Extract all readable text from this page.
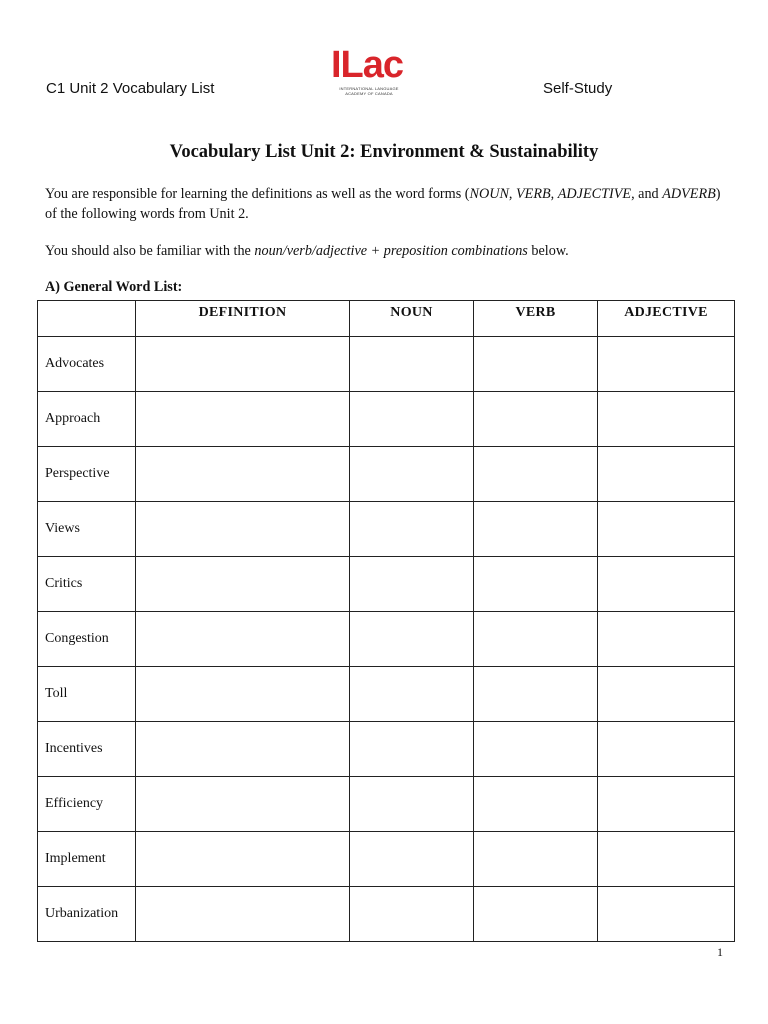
C1 Unit 2 Vocabulary List
ILac
INTERNATIONAL LANGUAGE ACADEMY OF CANADA	Self-Study
Vocabulary List Unit 2: Environment & Sustainability
You are responsible for learning the definitions as well as the word forms (NOUN, VERB, ADJECTIVE, and ADVERB) of the following words from Unit 2.
You should also be familiar with the noun/verb/adjective + preposition combinations below.
A) General Word List:
	DEFINITION	NOUN	VERB	ADJECTIVE
Advocates				
Approach				
Perspective				
Views				
Critics				
Congestion				
Toll				
Incentives				
Efficiency				
Implement				
Urbanization				
1
